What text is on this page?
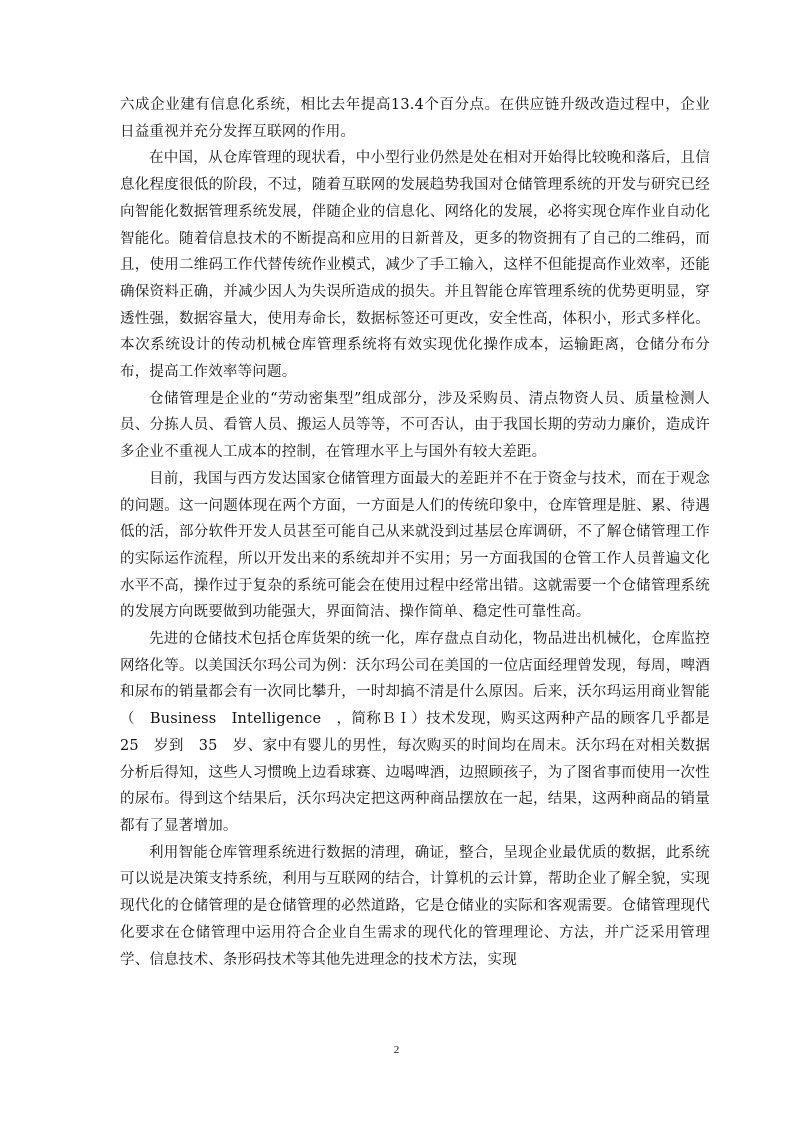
六成企业建有信息化系统，相比去年提高13.4个百分点。在供应链升级改造过程中，企业日益重视并充分发挥互联网的作用。

在中国，从仓库管理的现状看，中小型行业仍然是处在相对开始得比较晚和落后，且信息化程度很低的阶段，不过，随着互联网的发展趋势我国对仓储管理系统的开发与研究已经向智能化数据管理系统发展，伴随企业的信息化、网络化的发展，必将实现仓库作业自动化智能化。随着信息技术的不断提高和应用的日新普及，更多的物资拥有了自己的二维码，而且，使用二维码工作代替传统作业模式，减少了手工输入，这样不但能提高作业效率，还能确保资料正确，并减少因人为失误所造成的损失。并且智能仓库管理系统的优势更明显，穿透性强，数据容量大，使用寿命长，数据标签还可更改，安全性高，体积小，形式多样化。本次系统设计的传动机械仓库管理系统将有效实现优化操作成本，运输距离，仓储分布分布，提高工作效率等问题。

仓储管理是企业的“劳动密集型”组成部分，涉及采购员、清点物资人员、质量检测人员、分拣人员、看管人员、搬运人员等等，不可否认，由于我国长期的劳动力廉价，造成许多企业不重视人工成本的控制，在管理水平上与国外有较大差距。

目前，我国与西方发达国家仓储管理方面最大的差距并不在于资金与技术，而在于观念的问题。这一问题体现在两个方面，一方面是人们的传统印象中，仓库管理是脏、累、待遇低的活，部分软件开发人员甚至可能自己从来就没到过基层仓库调研，不了解仓储管理工作的实际运作流程，所以开发出来的系统却并不实用；另一方面我国的仓管工作人员普遍文化水平不高，操作过于复杂的系统可能会在使用过程中经常出错。这就需要一个仓储管理系统的发展方向既要做到功能强大，界面简洁、操作简单、稳定性可靠性高。

先进的仓储技术包括仓库货架的统一化，库存盘点自动化，物品进出机械化，仓库监控网络化等。以美国沃尔玛公司为例：沃尔玛公司在美国的一位店面经理曾发现，每周，啤酒和尿布的销量都会有一次同比攀升，一时却搞不清是什么原因。后来，沃尔玛运用商业智能（　Business　Intelligence　，简称ＢＩ）技术发现，购买这两种产品的顾客几乎都是　25　岁到　35　岁、家中有婴儿的男性，每次购买的时间均在周末。沃尔玛在对相关数据分析后得知，这些人习惯晚上边看球赛、边喝啤酒，边照顾孩子，为了图省事而使用一次性的尿布。得到这个结果后，沃尔玛决定把这两种商品摆放在一起，结果，这两种商品的销量都有了显著增加。

利用智能仓库管理系统进行数据的清理，确证，整合，呈现企业最优质的数据，此系统可以说是决策支持系统，利用与互联网的结合，计算机的云计算，帮助企业了解全貌，实现现代化的仓储管理的是仓储管理的必然道路，它是仓储业的实际和客观需要。仓储管理现代化要求在仓储管理中运用符合企业自生需求的现代化的管理理论、方法，并广泛采用管理学、信息技术、条形码技术等其他先进理念的技术方法，实现

2
